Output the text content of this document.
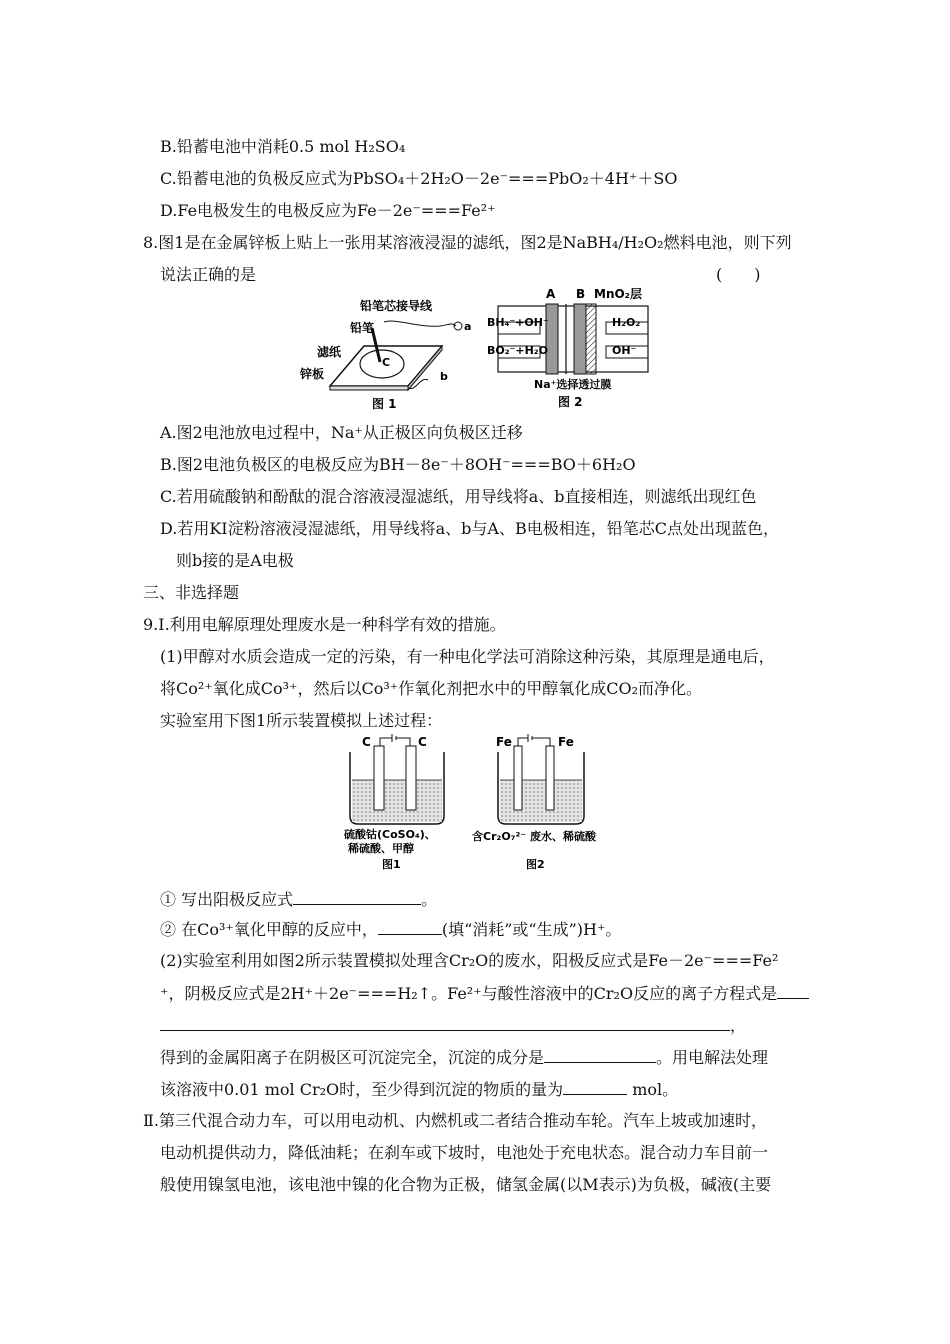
B.铅蓄电池中消耗0.5 mol H₂SO₄
C.铅蓄电池的负极反应式为PbSO₄＋2H₂O－2e⁻===PbO₂＋4H⁺＋SO
D.Fe电极发生的电极反应为Fe－2e⁻===Fe²⁺
8.图1是在金属锌板上贴上一张用某溶液浸湿的滤纸，图2是NaBH₄/H₂O₂燃料电池，则下列
说法正确的是	(　　)
铅笔芯接导线
铅笔
滤纸
锌板
C
a
b
图 1
A B MnO₂层
BH₄⁻+OH⁻
BO₂⁻+H₂O
H₂O₂
OH⁻
Na⁺选择透过膜
图 2
A.图2电池放电过程中，Na⁺从正极区向负极区迁移
B.图2电池负极区的电极反应为BH－8e⁻＋8OH⁻===BO＋6H₂O
C.若用硫酸钠和酚酞的混合溶液浸湿滤纸，用导线将a、b直接相连，则滤纸出现红色
D.若用KI淀粉溶液浸湿滤纸，用导线将a、b与A、B电极相连，铅笔芯C点处出现蓝色，
则b接的是A电极
三、非选择题
9.Ⅰ.利用电解原理处理废水是一种科学有效的措施。
(1)甲醇对水质会造成一定的污染，有一种电化学法可消除这种污染，其原理是通电后，
将Co²⁺氧化成Co³⁺，然后以Co³⁺作氧化剂把水中的甲醇氧化成CO₂而净化。
实验室用下图1所示装置模拟上述过程：
C	C
硫酸钴(CoSO₄)、
稀硫酸、甲醇
图1
Fe	Fe
含Cr₂O₇²⁻ 废水、稀硫酸
图2
① 写出阳极反应式	。
② 在Co³⁺氧化甲醇的反应中，	(填“消耗”或“生成”)H⁺。
(2)实验室利用如图2所示装置模拟处理含Cr₂O的废水，阳极反应式是Fe－2e⁻===Fe²
⁺，阴极反应式是2H⁺＋2e⁻===H₂↑。Fe²⁺与酸性溶液中的Cr₂O反应的离子方程式是
，
得到的金属阳离子在阴极区可沉淀完全，沉淀的成分是	。用电解法处理
该溶液中0.01 mol Cr₂O时，至少得到沉淀的物质的量为	mol。
Ⅱ.第三代混合动力车，可以用电动机、内燃机或二者结合推动车轮。汽车上坡或加速时，
电动机提供动力，降低油耗；在刹车或下坡时，电池处于充电状态。混合动力车目前一
般使用镍氢电池，该电池中镍的化合物为正极，储氢金属(以M表示)为负极，碱液(主要
